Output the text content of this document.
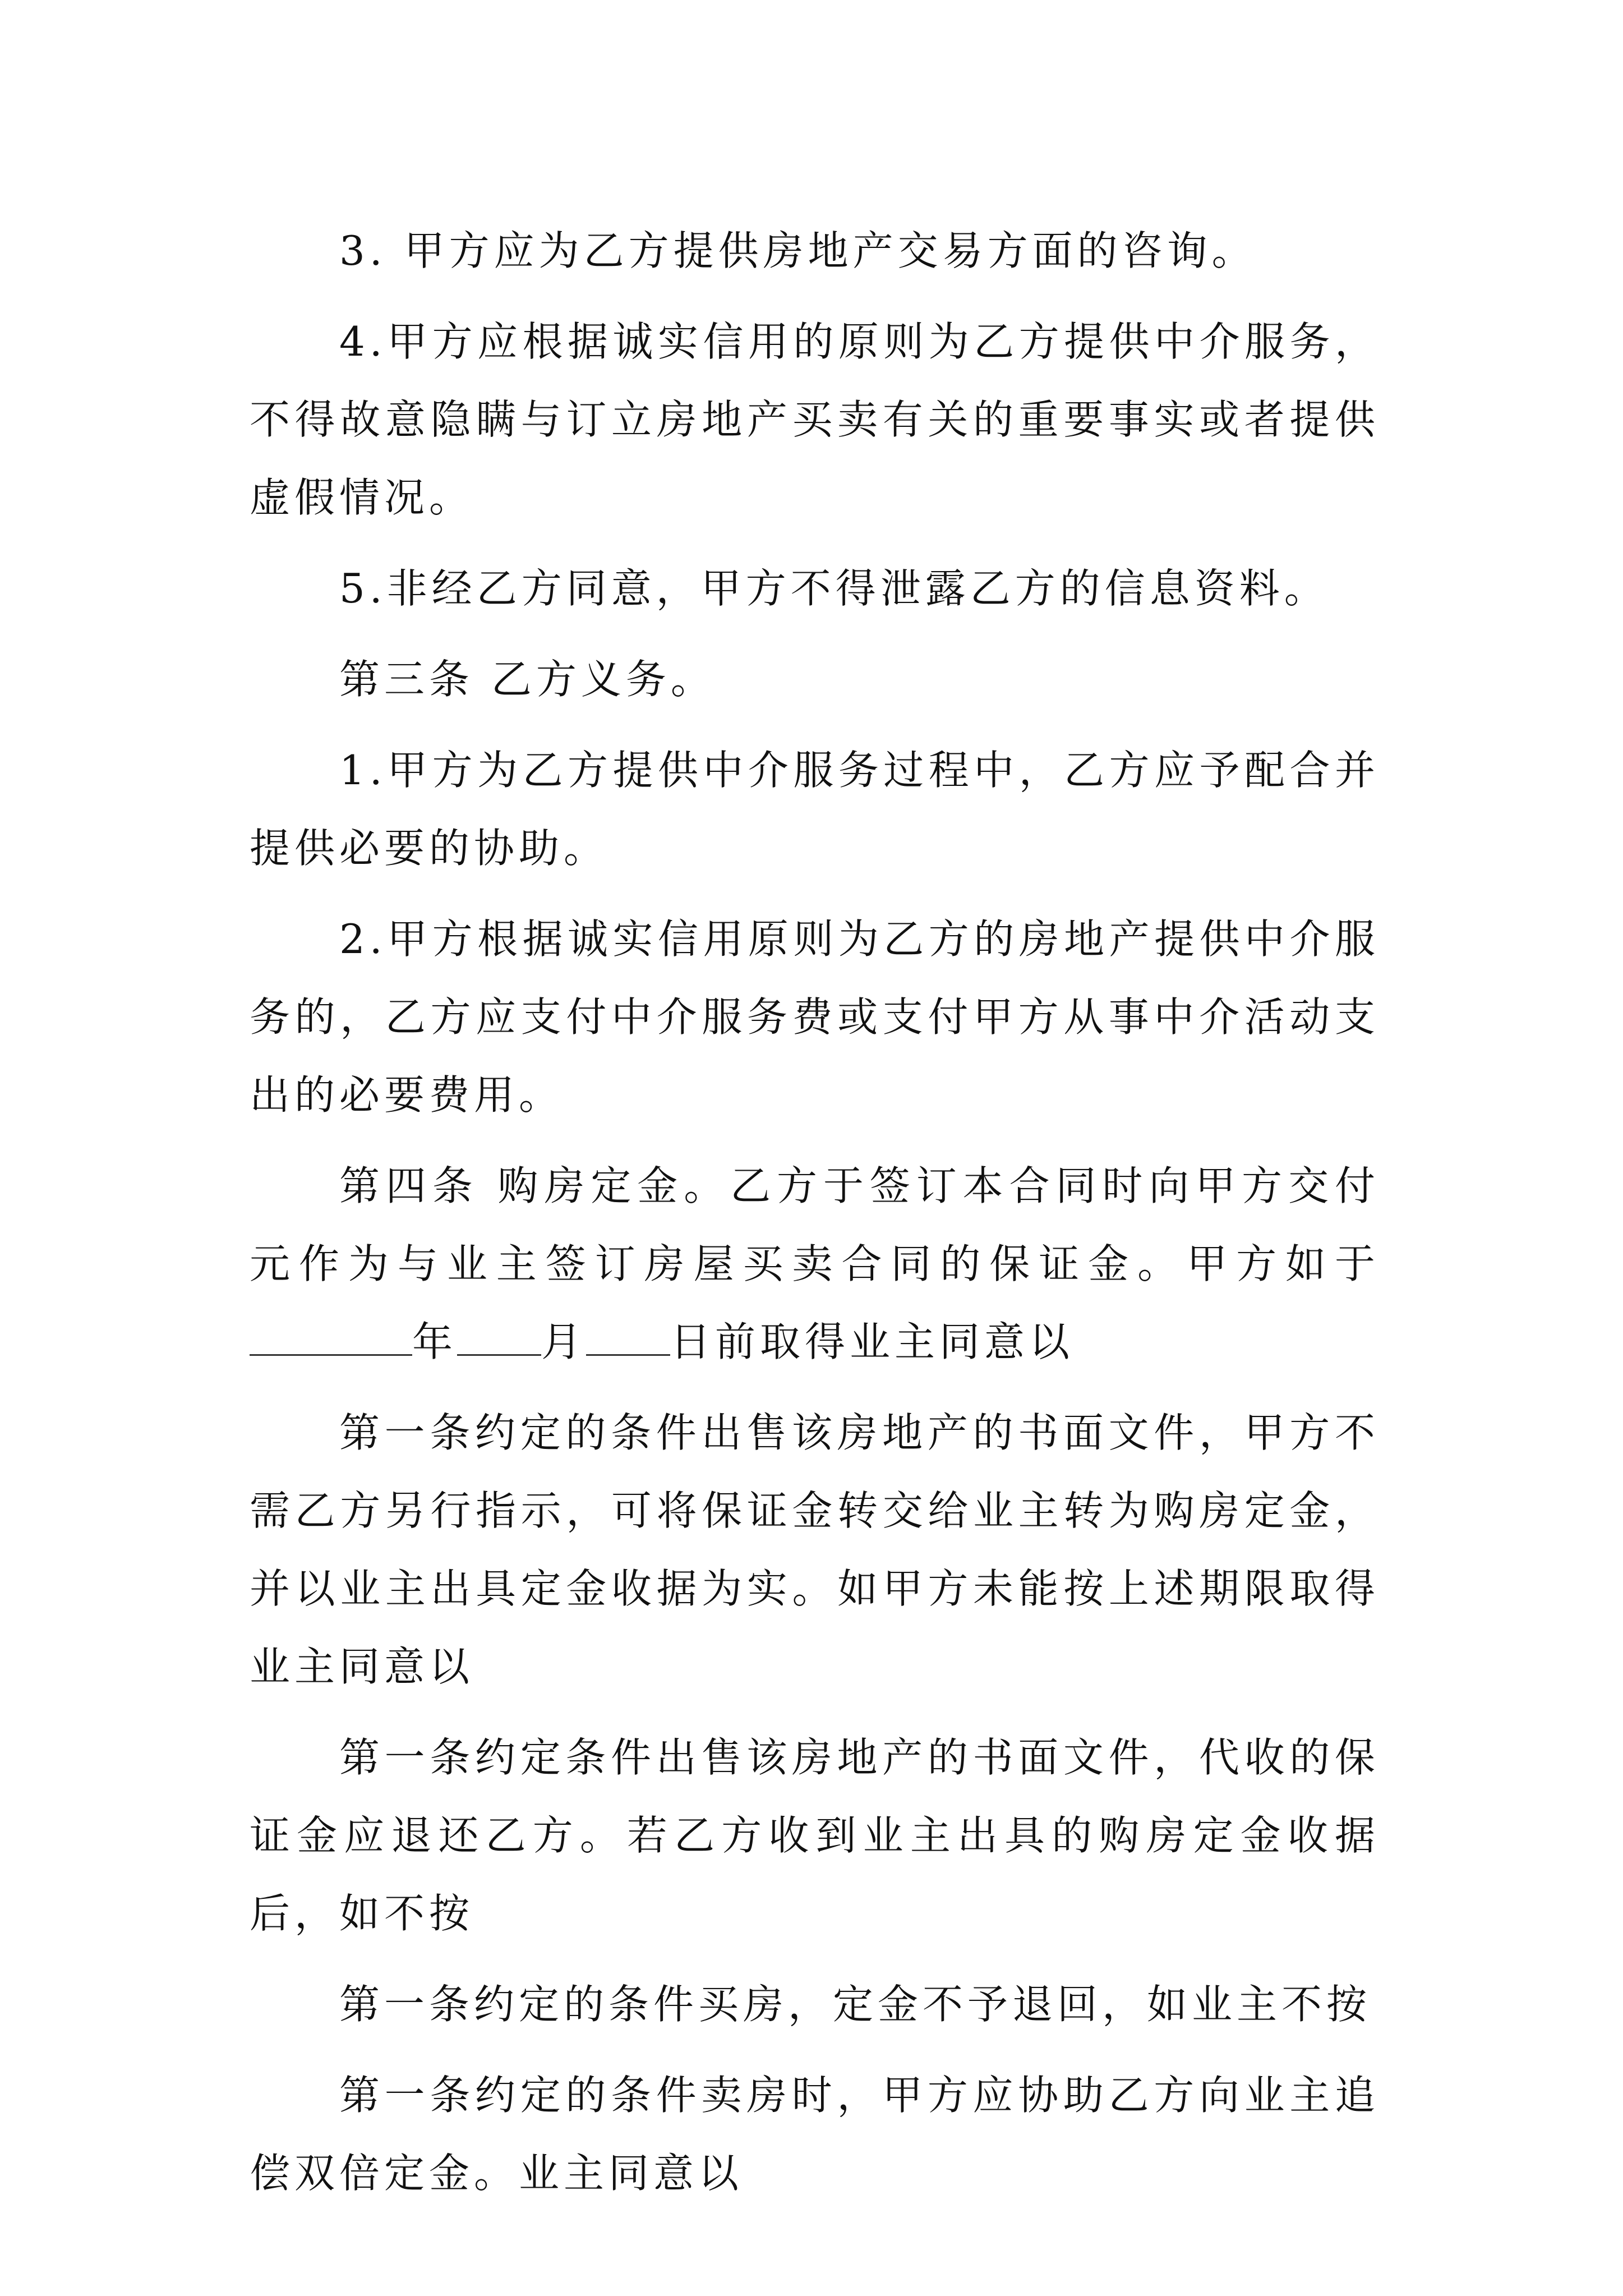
3. 甲方应为乙方提供房地产交易方面的咨询。

4.甲方应根据诚实信用的原则为乙方提供中介服务，不得故意隐瞒与订立房地产买卖有关的重要事实或者提供虚假情况。

5.非经乙方同意，甲方不得泄露乙方的信息资料。

第三条 乙方义务。

1.甲方为乙方提供中介服务过程中，乙方应予配合并提供必要的协助。

2.甲方根据诚实信用原则为乙方的房地产提供中介服务的，乙方应支付中介服务费或支付甲方从事中介活动支出的必要费用。

第四条 购房定金。乙方于签订本合同时向甲方交付 元作为与业主签订房屋买卖合同的保证金。甲方如于年 月 日前取得业主同意以

第一条约定的条件出售该房地产的书面文件，甲方不需乙方另行指示，可将保证金转交给业主转为购房定金，并以业主出具定金收据为实。如甲方未能按上述期限取得业主同意以

第一条约定条件出售该房地产的书面文件，代收的保证金应退还乙方。若乙方收到业主出具的购房定金收据后，如不按

第一条约定的条件买房，定金不予退回，如业主不按

第一条约定的条件卖房时，甲方应协助乙方向业主追偿双倍定金。业主同意以
